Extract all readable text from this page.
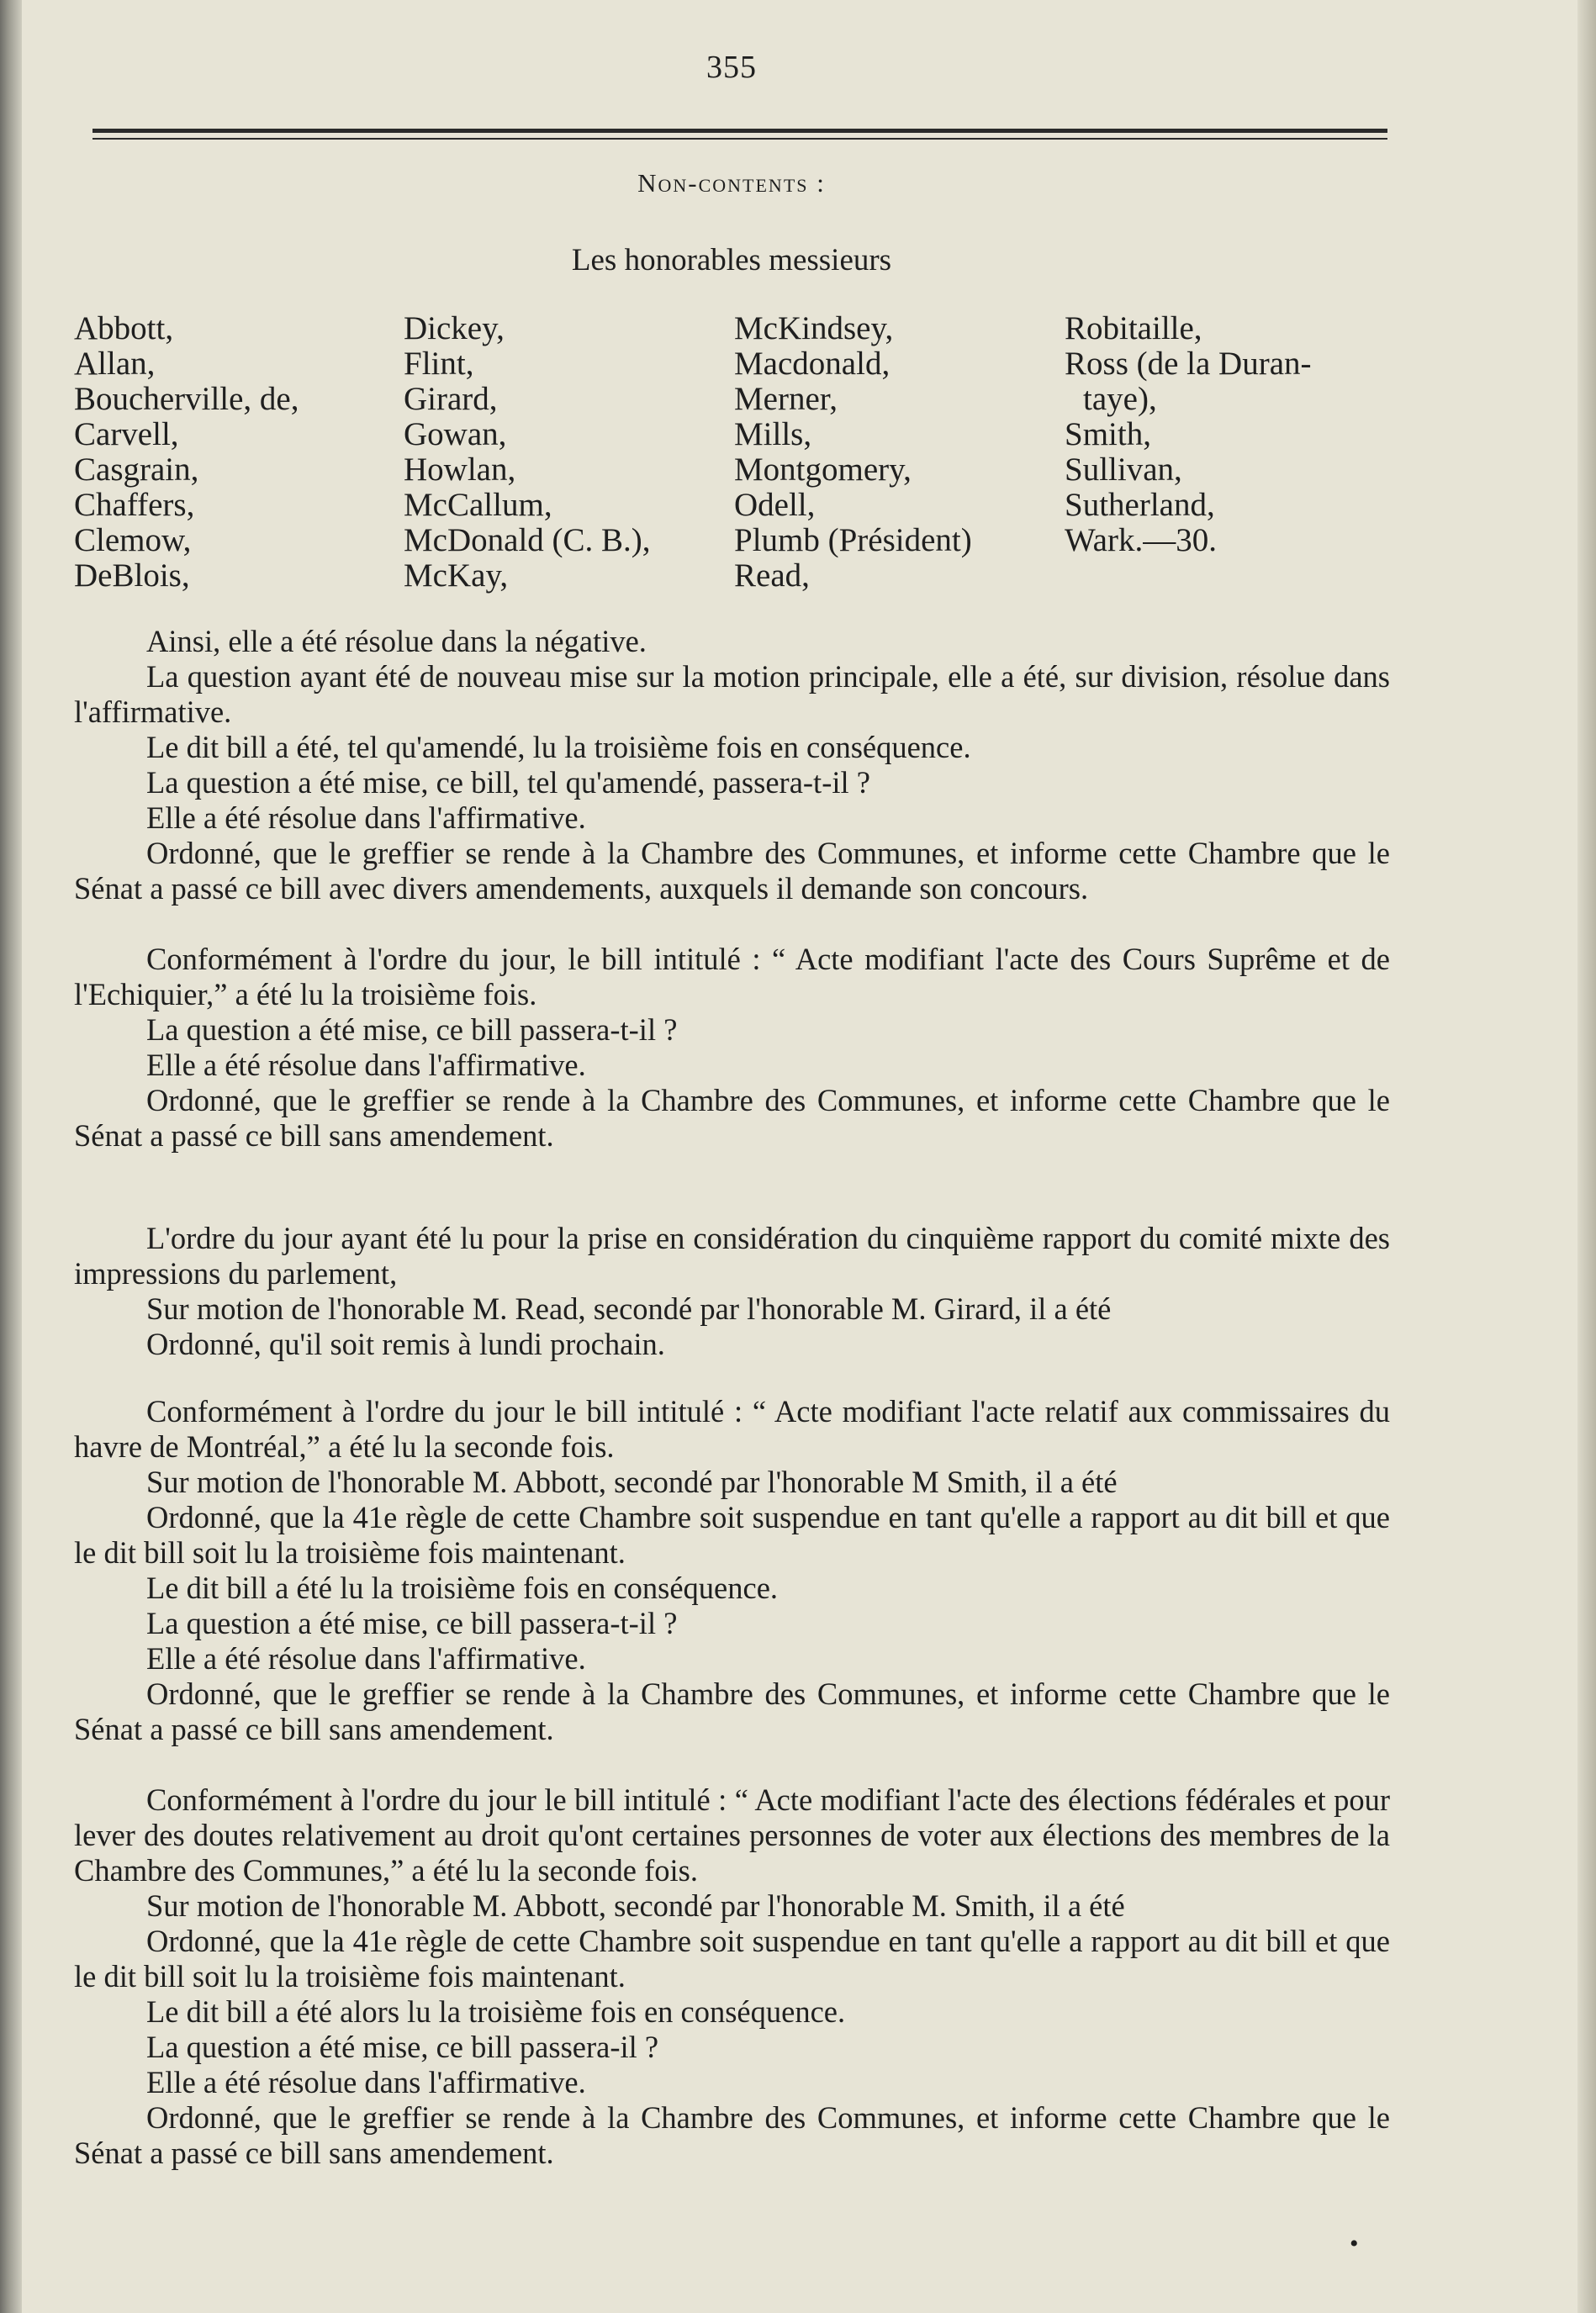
355
Non-contents :
Les honorables messieurs
Abbott,
Allan,
Boucherville, de,
Carvell,
Casgrain,
Chaffers,
Clemow,
DeBlois,
Dickey,
Flint,
Girard,
Gowan,
Howlan,
McCallum,
McDonald (C. B.),
McKay,
McKindsey,
Macdonald,
Merner,
Mills,
Montgomery,
Odell,
Plumb (Président)
Read,
Robitaille,
Ross (de la Duran-
taye),
Smith,
Sullivan,
Sutherland,
Wark.—30.

Ainsi, elle a été résolue dans la négative.

La question ayant été de nouveau mise sur la motion principale, elle a été, sur division, résolue dans l'affirmative.

Le dit bill a été, tel qu'amendé, lu la troisième fois en conséquence.

La question a été mise, ce bill, tel qu'amendé, passera-t-il ?

Elle a été résolue dans l'affirmative.

Ordonné, que le greffier se rende à la Chambre des Communes, et informe cette Chambre que le Sénat a passé ce bill avec divers amendements, auxquels il demande son concours.

Conformément à l'ordre du jour, le bill intitulé : “ Acte modifiant l'acte des Cours Suprême et de l'Echiquier,” a été lu la troisième fois.

La question a été mise, ce bill passera-t-il ?

Elle a été résolue dans l'affirmative.

Ordonné, que le greffier se rende à la Chambre des Communes, et informe cette Chambre que le Sénat a passé ce bill sans amendement.

L'ordre du jour ayant été lu pour la prise en considération du cinquième rapport du comité mixte des impressions du parlement,

Sur motion de l'honorable M. Read, secondé par l'honorable M. Girard, il a été

Ordonné, qu'il soit remis à lundi prochain.

Conformément à l'ordre du jour le bill intitulé : “ Acte modifiant l'acte relatif aux commissaires du havre de Montréal,” a été lu la seconde fois.

Sur motion de l'honorable M. Abbott, secondé par l'honorable M Smith, il a été

Ordonné, que la 41e règle de cette Chambre soit suspendue en tant qu'elle a rapport au dit bill et que le dit bill soit lu la troisième fois maintenant.

Le dit bill a été lu la troisième fois en conséquence.

La question a été mise, ce bill passera-t-il ?

Elle a été résolue dans l'affirmative.

Ordonné, que le greffier se rende à la Chambre des Communes, et informe cette Chambre que le Sénat a passé ce bill sans amendement.

Conformément à l'ordre du jour le bill intitulé : “ Acte modifiant l'acte des élections fédérales et pour lever des doutes relativement au droit qu'ont certaines personnes de voter aux élections des membres de la Chambre des Communes,” a été lu la seconde fois.

Sur motion de l'honorable M. Abbott, secondé par l'honorable M. Smith, il a été

Ordonné, que la 41e règle de cette Chambre soit suspendue en tant qu'elle a rapport au dit bill et que le dit bill soit lu la troisième fois maintenant.

Le dit bill a été alors lu la troisième fois en conséquence.

La question a été mise, ce bill passera-il ?

Elle a été résolue dans l'affirmative.

Ordonné, que le greffier se rende à la Chambre des Communes, et informe cette Chambre que le Sénat a passé ce bill sans amendement.

•
